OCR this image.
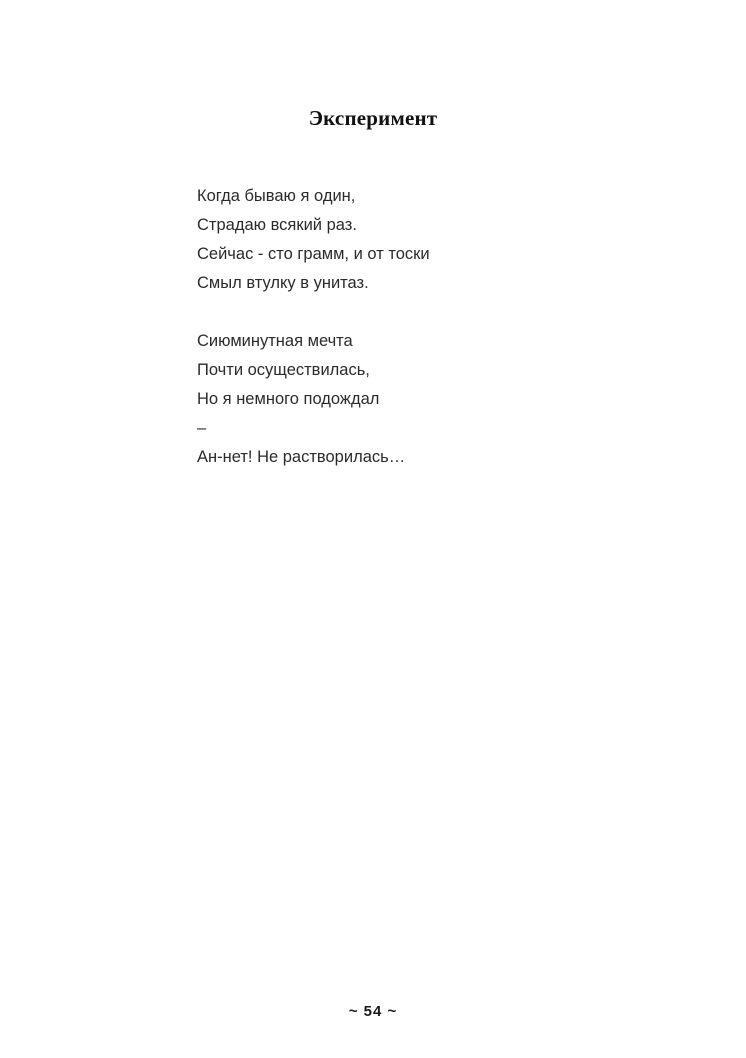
Эксперимент
Когда бываю я один,
Страдаю всякий раз.
Сейчас - сто грамм, и от тоски
Смыл втулку в унитаз.
Сиюминутная мечта
Почти осуществилась,
Но я немного подождал
–
Ан-нет! Не растворилась…
~ 54 ~
